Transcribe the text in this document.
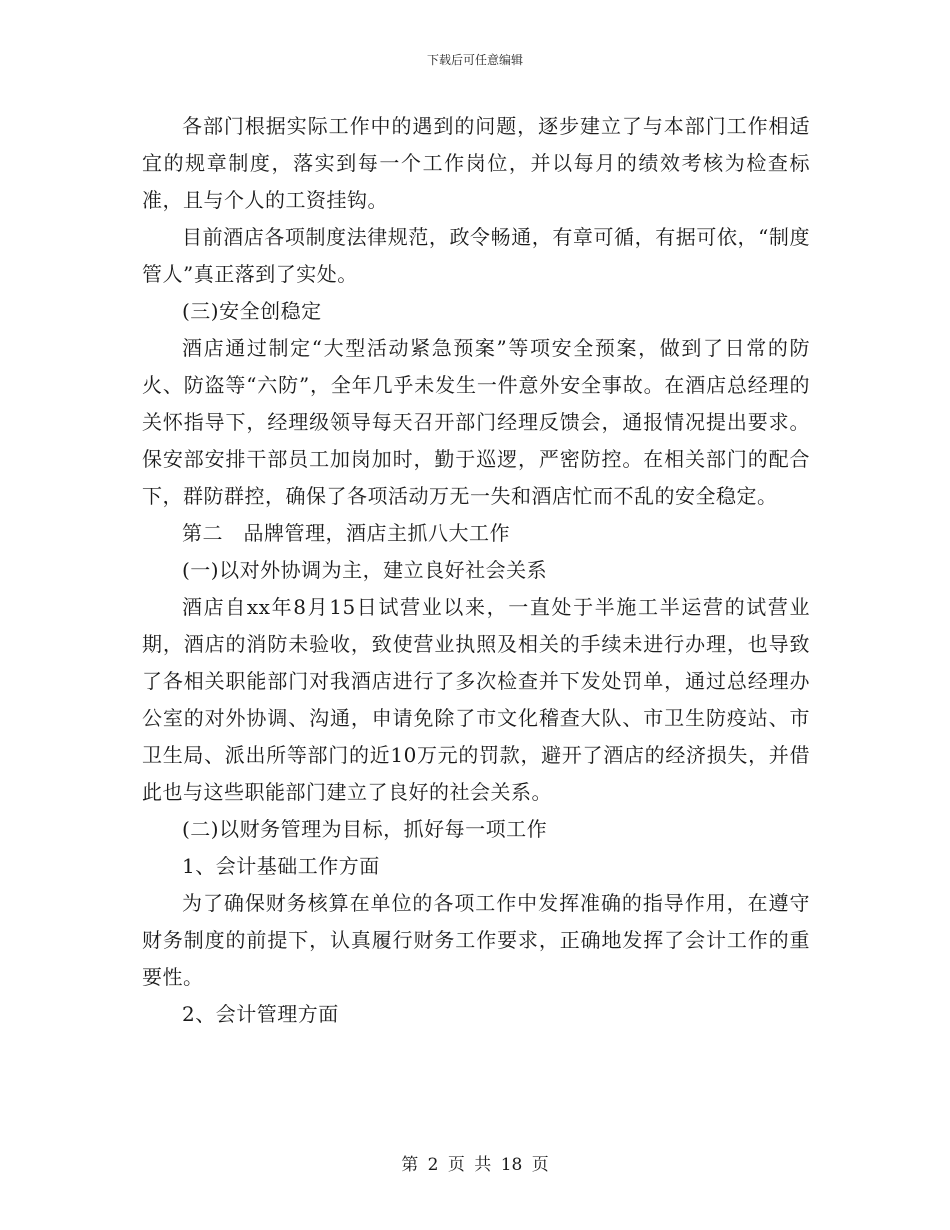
下载后可任意编辑

各部门根据实际工作中的遇到的问题，逐步建立了与本部门工作相适宜的规章制度，落实到每一个工作岗位，并以每月的绩效考核为检查标准，且与个人的工资挂钩。

目前酒店各项制度法律规范，政令畅通，有章可循，有据可依，“制度管人”真正落到了实处。

(三)安全创稳定

酒店通过制定“大型活动紧急预案”等项安全预案，做到了日常的防火、防盗等“六防”，全年几乎未发生一件意外安全事故。在酒店总经理的关怀指导下，经理级领导每天召开部门经理反馈会，通报情况提出要求。保安部安排干部员工加岗加时，勤于巡逻，严密防控。在相关部门的配合下，群防群控，确保了各项活动万无一失和酒店忙而不乱的安全稳定。

第二　品牌管理，酒店主抓八大工作

(一)以对外协调为主，建立良好社会关系

酒店自xx年8月15日试营业以来，一直处于半施工半运营的试营业期，酒店的消防未验收，致使营业执照及相关的手续未进行办理，也导致了各相关职能部门对我酒店进行了多次检查并下发处罚单，通过总经理办公室的对外协调、沟通，申请免除了市文化稽查大队、市卫生防疫站、市卫生局、派出所等部门的近10万元的罚款，避开了酒店的经济损失，并借此也与这些职能部门建立了良好的社会关系。

(二)以财务管理为目标，抓好每一项工作

1、会计基础工作方面

为了确保财务核算在单位的各项工作中发挥准确的指导作用，在遵守财务制度的前提下，认真履行财务工作要求，正确地发挥了会计工作的重要性。

2、会计管理方面

第 2 页 共 18 页
